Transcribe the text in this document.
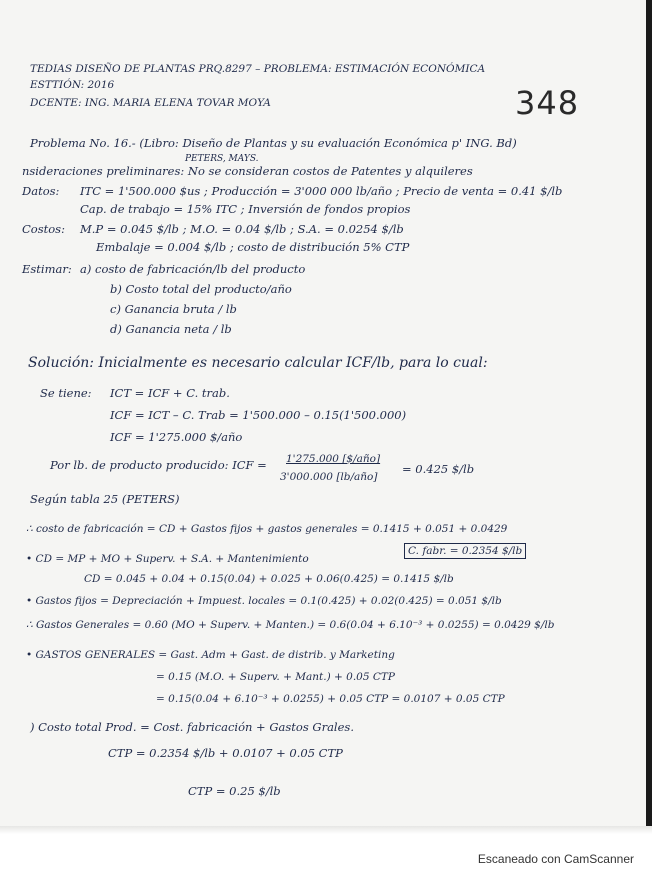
TEDIAS DISEÑO DE PLANTAS PRQ.8297 – PROBLEMA: ESTIMACIÓN ECONÓMICA
ESTTIÓN: 2016
DCENTE: ING. MARIA ELENA TOVAR MOYA	348
Problema No. 16.- (Libro: Diseño de Plantas y su evaluación Económica p' ING. Bd)
PETERS, MAYS.
nsideraciones preliminares: No se consideran costos de Patentes y alquileres
Datos: ITC = 1'500.000 $us ; Producción = 3'000 000 lb/año ; Precio de venta = 0.41 $/lb
Cap. de trabajo = 15% ITC ; Inversión de fondos propios
Costos: M.P = 0.045 $/lb ; M.O. = 0.04 $/lb ; S.A. = 0.0254 $/lb
Embalaje = 0.004 $/lb ; costo de distribución 5% CTP
Estimar: a) costo de fabricación/lb del producto
b) Costo total del producto/año
c) Ganancia bruta / lb
d) Ganancia neta / lb
Solución: Inicialmente es necesario calcular ICF/lb, para lo cual:
Se tiene: ICT = ICF + C. trab.
ICF = ICT – C. Trab = 1'500.000 – 0.15(1'500.000)
ICF = 1'275.000 $/año
Por lb. de producto producido: ICF = 1'275.000 [$/año]
3'000.000 [lb/año]
= 0.425 $/lb
Según tabla 25 (PETERS)
∴ costo de fabricación = CD + Gastos fijos + gastos generales = 0.1415 + 0.051 + 0.0429
C. fabr. = 0.2354 $/lb
• CD = MP + MO + Superv. + S.A. + Mantenimiento
CD = 0.045 + 0.04 + 0.15(0.04) + 0.025 + 0.06(0.425) = 0.1415 $/lb
• Gastos fijos = Depreciación + Impuest. locales = 0.1(0.425) + 0.02(0.425) = 0.051 $/lb
∴ Gastos Generales = 0.60 (MO + Superv. + Manten.) = 0.6(0.04 + 6.10⁻³ + 0.0255) = 0.0429 $/lb
• GASTOS GENERALES = Gast. Adm + Gast. de distrib. y Marketing
= 0.15 (M.O. + Superv. + Mant.) + 0.05 CTP
= 0.15(0.04 + 6.10⁻³ + 0.0255) + 0.05 CTP = 0.0107 + 0.05 CTP
) Costo total Prod. = Cost. fabricación + Gastos Grales.
CTP = 0.2354 $/lb + 0.0107 + 0.05 CTP
CTP = 0.25 $/lb
Escaneado con CamScanner
